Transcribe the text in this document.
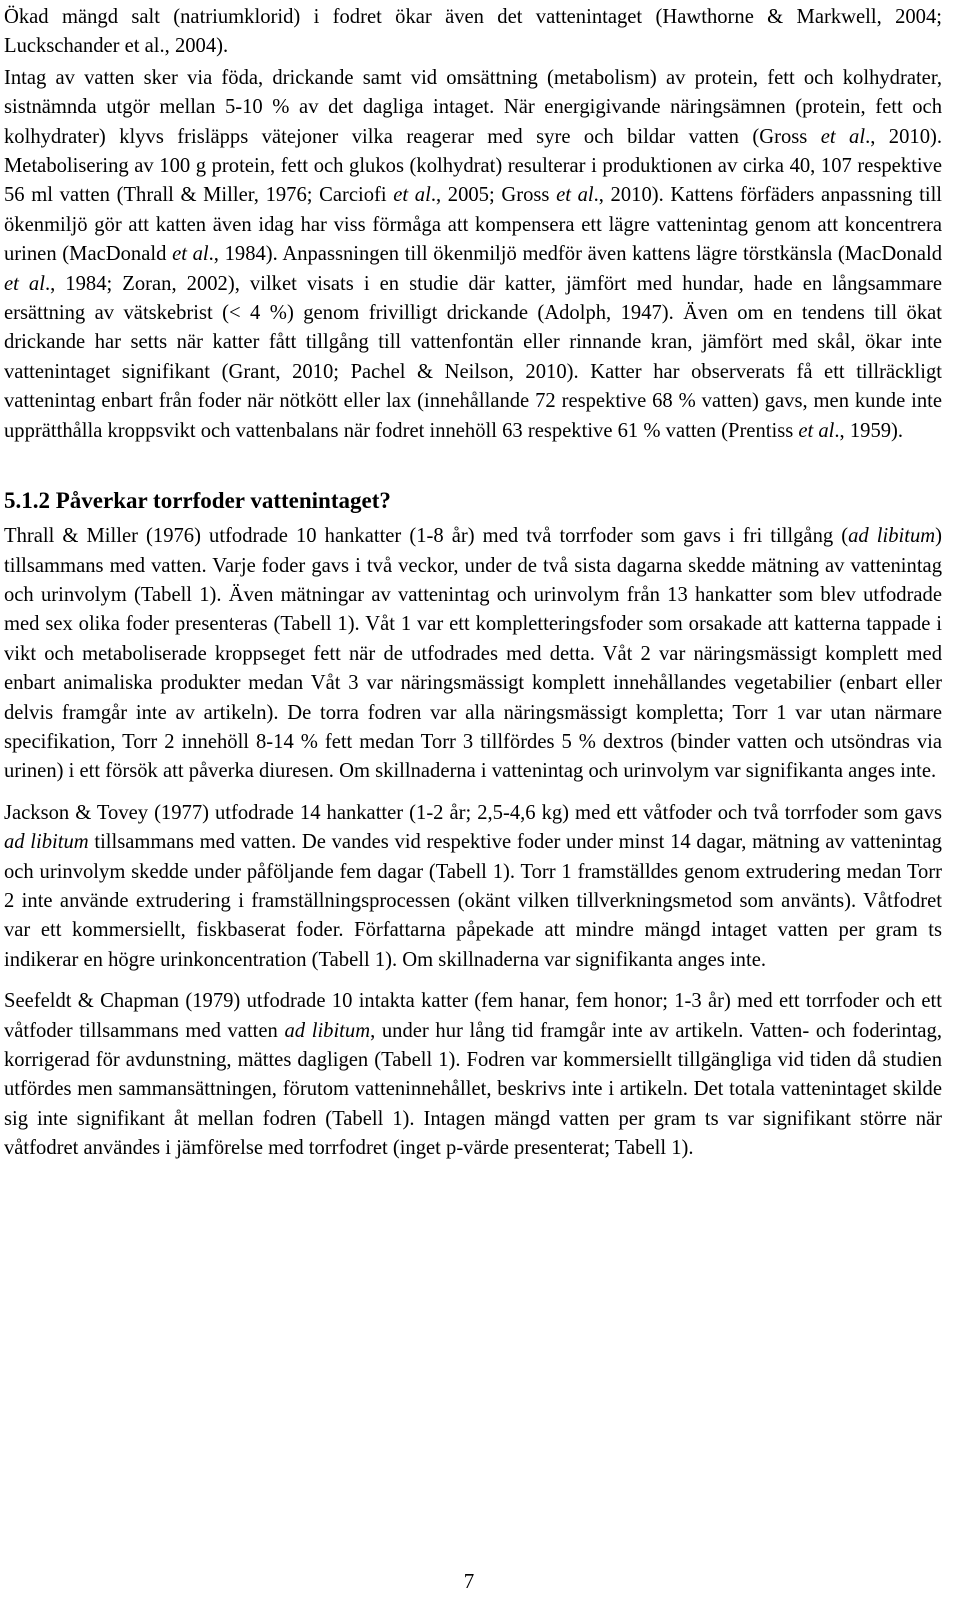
Ökad mängd salt (natriumklorid) i fodret ökar även det vattenintaget (Hawthorne & Markwell, 2004; Luckschander et al., 2004).

Intag av vatten sker via föda, drickande samt vid omsättning (metabolism) av protein, fett och kolhydrater, sistnämnda utgör mellan 5-10 % av det dagliga intaget. När energigivande näringsämnen (protein, fett och kolhydrater) klyvs frisläpps vätejoner vilka reagerar med syre och bildar vatten (Gross et al., 2010). Metabolisering av 100 g protein, fett och glukos (kolhydrat) resulterar i produktionen av cirka 40, 107 respektive 56 ml vatten (Thrall & Miller, 1976; Carciofi et al., 2005; Gross et al., 2010). Kattens förfäders anpassning till ökenmiljö gör att katten även idag har viss förmåga att kompensera ett lägre vattenintag genom att koncentrera urinen (MacDonald et al., 1984). Anpassningen till ökenmiljö medför även kattens lägre törstkänsla (MacDonald et al., 1984; Zoran, 2002), vilket visats i en studie där katter, jämfört med hundar, hade en långsammare ersättning av vätskebrist (< 4 %) genom frivilligt drickande (Adolph, 1947). Även om en tendens till ökat drickande har setts när katter fått tillgång till vattenfontän eller rinnande kran, jämfört med skål, ökar inte vattenintaget signifikant (Grant, 2010; Pachel & Neilson, 2010). Katter har observerats få ett tillräckligt vattenintag enbart från foder när nötkött eller lax (innehållande 72 respektive 68 % vatten) gavs, men kunde inte upprätthålla kroppsvikt och vattenbalans när fodret innehöll 63 respektive 61 % vatten (Prentiss et al., 1959).

5.1.2 Påverkar torrfoder vattenintaget?

Thrall & Miller (1976) utfodrade 10 hankatter (1-8 år) med två torrfoder som gavs i fri tillgång (ad libitum) tillsammans med vatten. Varje foder gavs i två veckor, under de två sista dagarna skedde mätning av vattenintag och urinvolym (Tabell 1). Även mätningar av vattenintag och urinvolym från 13 hankatter som blev utfodrade med sex olika foder presenteras (Tabell 1). Våt 1 var ett kompletteringsfoder som orsakade att katterna tappade i vikt och metaboliserade kroppseget fett när de utfodrades med detta. Våt 2 var näringsmässigt komplett med enbart animaliska produkter medan Våt 3 var näringsmässigt komplett innehållandes vegetabilier (enbart eller delvis framgår inte av artikeln). De torra fodren var alla näringsmässigt kompletta; Torr 1 var utan närmare specifikation, Torr 2 innehöll 8-14 % fett medan Torr 3 tillfördes 5 % dextros (binder vatten och utsöndras via urinen) i ett försök att påverka diuresen. Om skillnaderna i vattenintag och urinvolym var signifikanta anges inte.

Jackson & Tovey (1977) utfodrade 14 hankatter (1-2 år; 2,5-4,6 kg) med ett våtfoder och två torrfoder som gavs ad libitum tillsammans med vatten. De vandes vid respektive foder under minst 14 dagar, mätning av vattenintag och urinvolym skedde under påföljande fem dagar (Tabell 1). Torr 1 framställdes genom extrudering medan Torr 2 inte använde extrudering i framställningsprocessen (okänt vilken tillverkningsmetod som använts). Våtfodret var ett kommersiellt, fiskbaserat foder. Författarna påpekade att mindre mängd intaget vatten per gram ts indikerar en högre urinkoncentration (Tabell 1). Om skillnaderna var signifikanta anges inte.

Seefeldt & Chapman (1979) utfodrade 10 intakta katter (fem hanar, fem honor; 1-3 år) med ett torrfoder och ett våtfoder tillsammans med vatten ad libitum, under hur lång tid framgår inte av artikeln. Vatten- och foderintag, korrigerad för avdunstning, mättes dagligen (Tabell 1). Fodren var kommersiellt tillgängliga vid tiden då studien utfördes men sammansättningen, förutom vatteninnehållet, beskrivs inte i artikeln. Det totala vattenintaget skilde sig inte signifikant åt mellan fodren (Tabell 1). Intagen mängd vatten per gram ts var signifikant större när våtfodret användes i jämförelse med torrfodret (inget p-värde presenterat; Tabell 1).

7
